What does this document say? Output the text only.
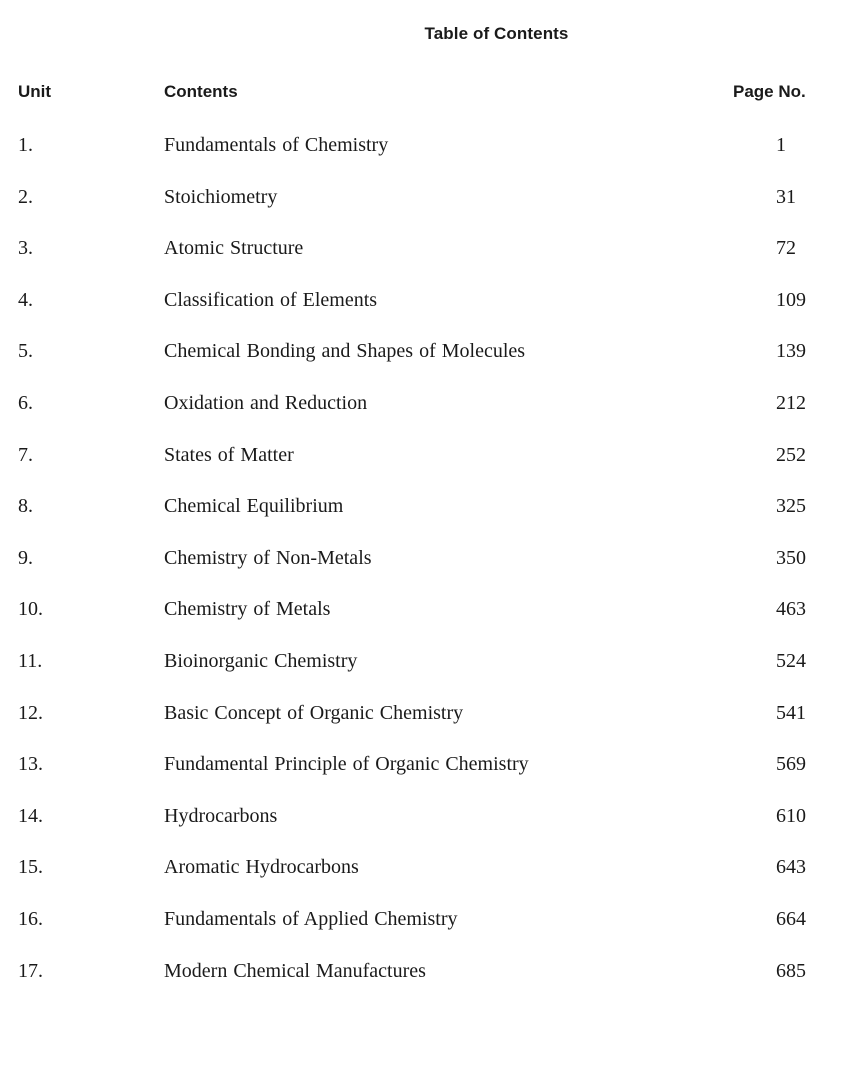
Table of Contents
Unit	Contents	Page No.
1.	Fundamentals of Chemistry	1
2.	Stoichiometry	31
3.	Atomic Structure	72
4.	Classification of Elements	109
5.	Chemical Bonding and Shapes of Molecules	139
6.	Oxidation and Reduction	212
7.	States of Matter	252
8.	Chemical Equilibrium	325
9.	Chemistry of Non-Metals	350
10.	Chemistry of Metals	463
11.	Bioinorganic Chemistry	524
12.	Basic Concept of Organic Chemistry	541
13.	Fundamental Principle of Organic Chemistry	569
14.	Hydrocarbons	610
15.	Aromatic Hydrocarbons	643
16.	Fundamentals of Applied Chemistry	664
17.	Modern Chemical Manufactures	685
